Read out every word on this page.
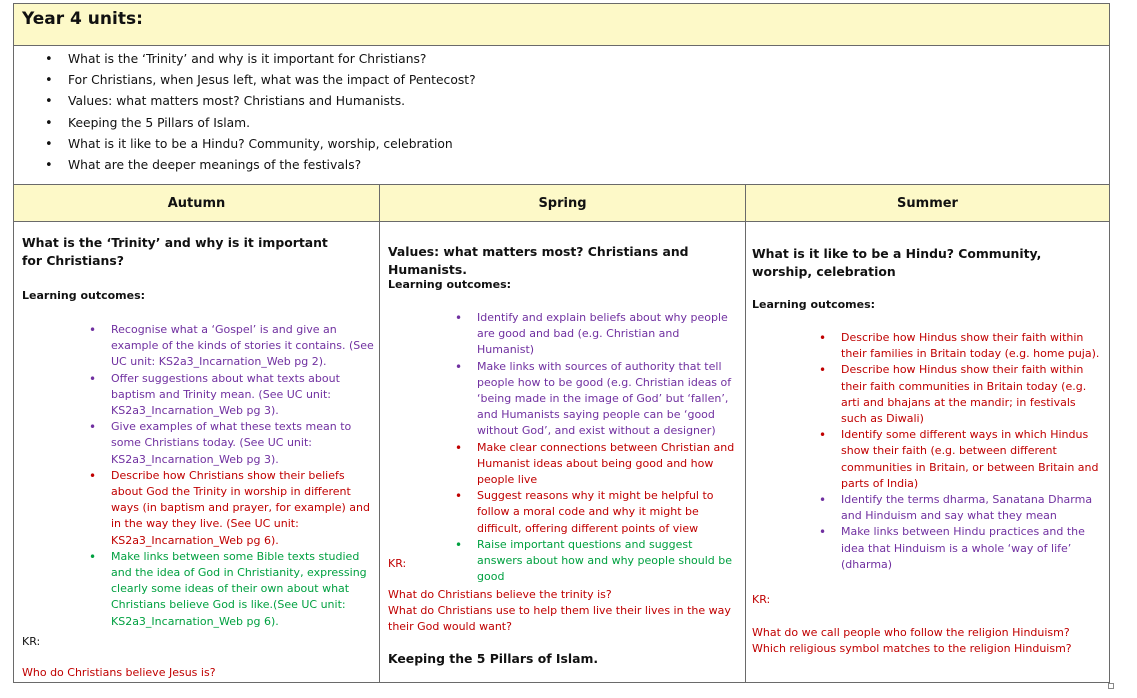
Year 4 units:
• What is the ‘Trinity’ and why is it important for Christians?
• For Christians, when Jesus left, what was the impact of Pentecost?
• Values: what matters most? Christians and Humanists.
• Keeping the 5 Pillars of Islam.
• What is it like to be a Hindu? Community, worship, celebration
• What are the deeper meanings of the festivals?
Autumn	Spring	Summer
What is the ‘Trinity’ and why is it important for Christians?
Learning outcomes:
• Recognise what a ‘Gospel’ is and give an example of the kinds of stories it contains. (See UC unit: KS2a3_Incarnation_Web pg 2).
• Offer suggestions about what texts about baptism and Trinity mean. (See UC unit: KS2a3_Incarnation_Web pg 3).
• Give examples of what these texts mean to some Christians today. (See UC unit: KS2a3_Incarnation_Web pg 3).
• Describe how Christians show their beliefs about God the Trinity in worship in different ways (in baptism and prayer, for example) and in the way they live. (See UC unit: KS2a3_Incarnation_Web pg 6).
• Make links between some Bible texts studied and the idea of God in Christianity, expressing clearly some ideas of their own about what Christians believe God is like.(See UC unit: KS2a3_Incarnation_Web pg 6).
KR:
Who do Christians believe Jesus is?
Values: what matters most? Christians and Humanists.
Learning outcomes:
• Identify and explain beliefs about why people are good and bad (e.g. Christian and Humanist)
• Make links with sources of authority that tell people how to be good (e.g. Christian ideas of ‘being made in the image of God’ but ‘fallen’, and Humanists saying people can be ‘good without God’, and exist without a designer)
• Make clear connections between Christian and Humanist ideas about being good and how people live
• Suggest reasons why it might be helpful to follow a moral code and why it might be difficult, offering different points of view
• Raise important questions and suggest answers about how and why people should be good
KR:
What do Christians believe the trinity is?
What do Christians use to help them live their lives in the way their God would want?
Keeping the 5 Pillars of Islam.
What is it like to be a Hindu? Community, worship, celebration
Learning outcomes:
• Describe how Hindus show their faith within their families in Britain today (e.g. home puja).
• Describe how Hindus show their faith within their faith communities in Britain today (e.g. arti and bhajans at the mandir; in festivals such as Diwali)
• Identify some different ways in which Hindus show their faith (e.g. between different communities in Britain, or between Britain and parts of India)
• Identify the terms dharma, Sanatana Dharma and Hinduism and say what they mean
• Make links between Hindu practices and the idea that Hinduism is a whole ‘way of life’ (dharma)
KR:
What do we call people who follow the religion Hinduism?
Which religious symbol matches to the religion Hinduism?
